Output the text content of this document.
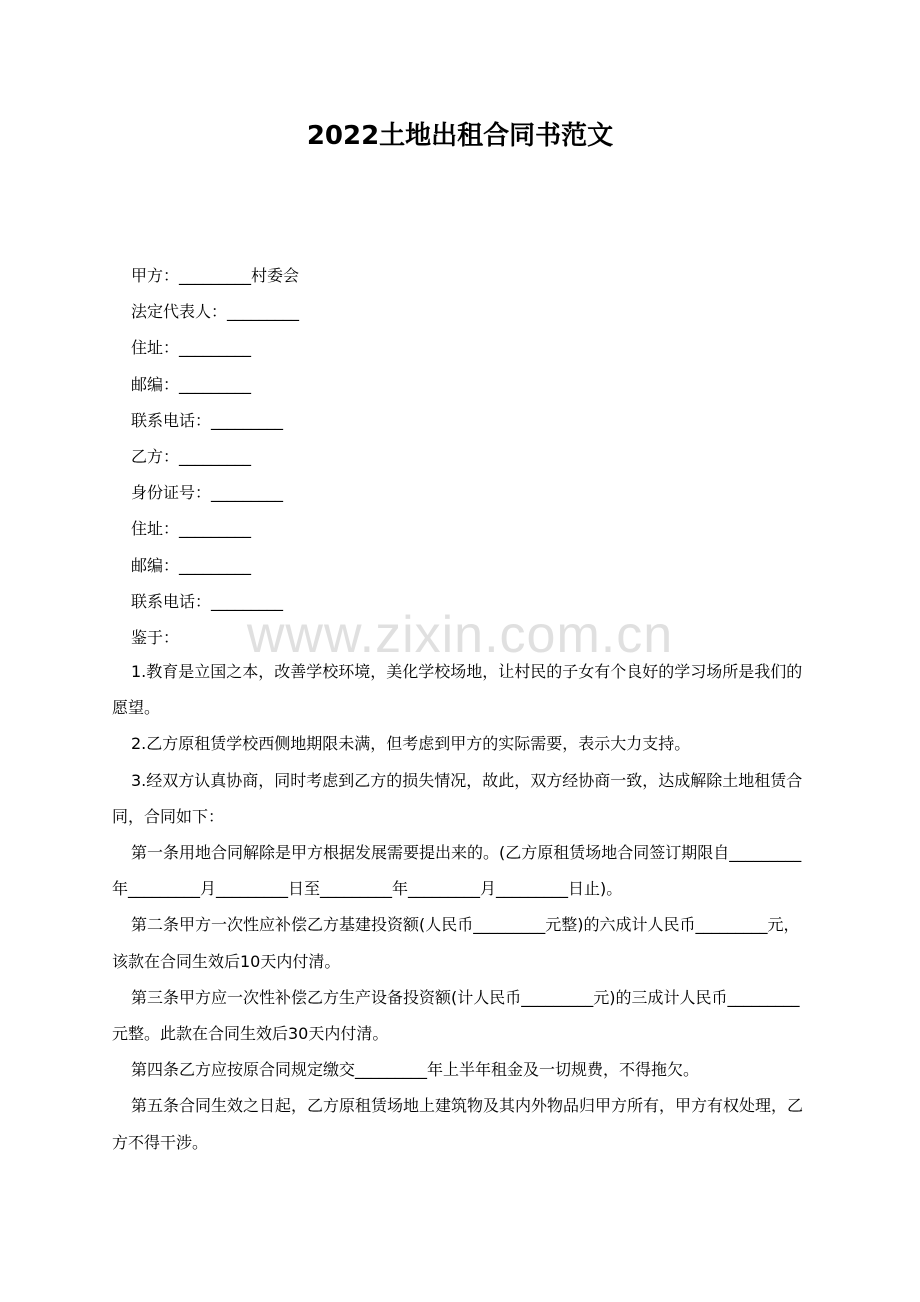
2022土地出租合同书范文
甲方：_________村委会
法定代表人：_________
住址：_________
邮编：_________
联系电话：_________
乙方：_________
身份证号：_________
住址：_________
邮编：_________
联系电话：_________
鉴于：

1.教育是立国之本，改善学校环境，美化学校场地，让村民的子女有个良好的学习场所是我们的愿望。

2.乙方原租赁学校西侧地期限未满，但考虑到甲方的实际需要，表示大力支持。

3.经双方认真协商，同时考虑到乙方的损失情况，故此，双方经协商一致，达成解除土地租赁合同，合同如下：

第一条用地合同解除是甲方根据发展需要提出来的。(乙方原租赁场地合同签订期限自_________年_________月_________日至_________年_________月_________日止)。

第二条甲方一次性应补偿乙方基建投资额(人民币_________元整)的六成计人民币_________元，该款在合同生效后10天内付清。

第三条甲方应一次性补偿乙方生产设备投资额(计人民币_________元)的三成计人民币_________元整。此款在合同生效后30天内付清。

第四条乙方应按原合同规定缴交_________年上半年租金及一切规费，不得拖欠。

第五条合同生效之日起，乙方原租赁场地上建筑物及其内外物品归甲方所有，甲方有权处理，乙方不得干涉。

www.zixin.com.cn
